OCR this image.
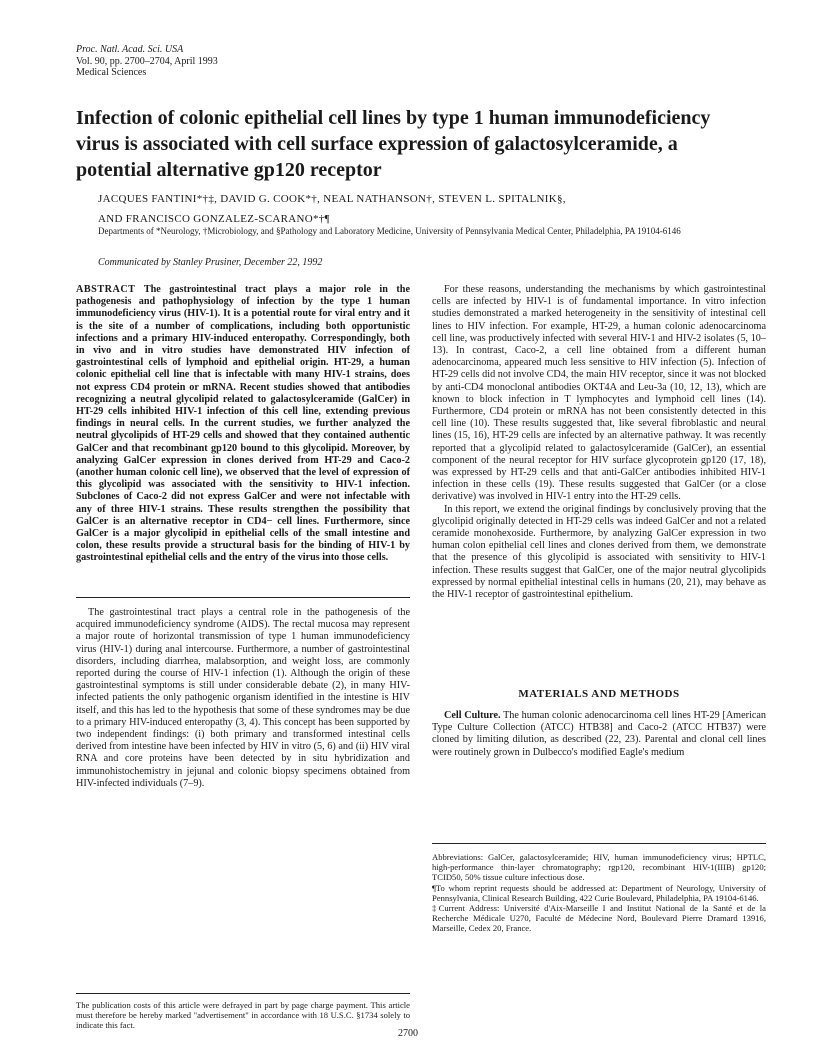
Proc. Natl. Acad. Sci. USA
Vol. 90, pp. 2700–2704, April 1993
Medical Sciences
Infection of colonic epithelial cell lines by type 1 human immunodeficiency virus is associated with cell surface expression of galactosylceramide, a potential alternative gp120 receptor
JACQUES FANTINI*†‡, DAVID G. COOK*†, NEAL NATHANSON†, STEVEN L. SPITALNIK§,
AND FRANCISCO GONZALEZ-SCARANO*†¶
Departments of *Neurology, †Microbiology, and §Pathology and Laboratory Medicine, University of Pennsylvania Medical Center, Philadelphia, PA 19104-6146
Communicated by Stanley Prusiner, December 22, 1992
ABSTRACT The gastrointestinal tract plays a major role in the pathogenesis and pathophysiology of infection by the type 1 human immunodeficiency virus (HIV-1). It is a potential route for viral entry and it is the site of a number of complications, including both opportunistic infections and a primary HIV-induced enteropathy. Correspondingly, both in vivo and in vitro studies have demonstrated HIV infection of gastrointestinal cells of lymphoid and epithelial origin. HT-29, a human colonic epithelial cell line that is infectable with many HIV-1 strains, does not express CD4 protein or mRNA. Recent studies showed that antibodies recognizing a neutral glycolipid related to galactosylceramide (GalCer) in HT-29 cells inhibited HIV-1 infection of this cell line, extending previous findings in neural cells. In the current studies, we further analyzed the neutral glycolipids of HT-29 cells and showed that they contained authentic GalCer and that recombinant gp120 bound to this glycolipid. Moreover, by analyzing GalCer expression in clones derived from HT-29 and Caco-2 (another human colonic cell line), we observed that the level of expression of this glycolipid was associated with the sensitivity to HIV-1 infection. Subclones of Caco-2 did not express GalCer and were not infectable with any of three HIV-1 strains. These results strengthen the possibility that GalCer is an alternative receptor in CD4− cell lines. Furthermore, since GalCer is a major glycolipid in epithelial cells of the small intestine and colon, these results provide a structural basis for the binding of HIV-1 by gastrointestinal epithelial cells and the entry of the virus into those cells.
The gastrointestinal tract plays a central role in the pathogenesis of the acquired immunodeficiency syndrome (AIDS). The rectal mucosa may represent a major route of horizontal transmission of type 1 human immunodeficiency virus (HIV-1) during anal intercourse. Furthermore, a number of gastrointestinal disorders, including diarrhea, malabsorption, and weight loss, are commonly reported during the course of HIV-1 infection (1). Although the origin of these gastrointestinal symptoms is still under considerable debate (2), in many HIV-infected patients the only pathogenic organism identified in the intestine is HIV itself, and this has led to the hypothesis that some of these syndromes may be due to a primary HIV-induced enteropathy (3, 4). This concept has been supported by two independent findings: (i) both primary and transformed intestinal cells derived from intestine have been infected by HIV in vitro (5, 6) and (ii) HIV viral RNA and core proteins have been detected by in situ hybridization and immunohistochemistry in jejunal and colonic biopsy specimens obtained from HIV-infected individuals (7–9).

For these reasons, understanding the mechanisms by which gastrointestinal cells are infected by HIV-1 is of fundamental importance. In vitro infection studies demonstrated a marked heterogeneity in the sensitivity of intestinal cell lines to HIV infection. For example, HT-29, a human colonic adenocarcinoma cell line, was productively infected with several HIV-1 and HIV-2 isolates (5, 10–13). In contrast, Caco-2, a cell line obtained from a different human adenocarcinoma, appeared much less sensitive to HIV infection (5). Infection of HT-29 cells did not involve CD4, the main HIV receptor, since it was not blocked by anti-CD4 monoclonal antibodies OKT4A and Leu-3a (10, 12, 13), which are known to block infection in T lymphocytes and lymphoid cell lines (14). Furthermore, CD4 protein or mRNA has not been consistently detected in this cell line (10). These results suggested that, like several fibroblastic and neural lines (15, 16), HT-29 cells are infected by an alternative pathway. It was recently reported that a glycolipid related to galactosylceramide (GalCer), an essential component of the neural receptor for HIV surface glycoprotein gp120 (17, 18), was expressed by HT-29 cells and that anti-GalCer antibodies inhibited HIV-1 infection in these cells (19). These results suggested that GalCer (or a close derivative) was involved in HIV-1 entry into the HT-29 cells.

In this report, we extend the original findings by conclusively proving that the glycolipid originally detected in HT-29 cells was indeed GalCer and not a related ceramide monohexoside. Furthermore, by analyzing GalCer expression in two human colon epithelial cell lines and clones derived from them, we demonstrate that the presence of this glycolipid is associated with sensitivity to HIV-1 infection. These results suggest that GalCer, one of the major neutral glycolipids expressed by normal epithelial intestinal cells in humans (20, 21), may behave as the HIV-1 receptor of gastrointestinal epithelium.

MATERIALS AND METHODS
Cell Culture. The human colonic adenocarcinoma cell lines HT-29 [American Type Culture Collection (ATCC) HTB38] and Caco-2 (ATCC HTB37) were cloned by limiting dilution, as described (22, 23). Parental and clonal cell lines were routinely grown in Dulbecco's modified Eagle's medium

Abbreviations: GalCer, galactosylceramide; HIV, human immunodeficiency virus; HPTLC, high-performance thin-layer chromatography; rgp120, recombinant HIV-1(IIIB) gp120; TCID50, 50% tissue culture infectious dose.

¶To whom reprint requests should be addressed at: Department of Neurology, University of Pennsylvania, Clinical Research Building, 422 Curie Boulevard, Philadelphia, PA 19104-6146.

‡Current Address: Université d'Aix-Marseille I and Institut National de la Santé et de la Recherche Médicale U270, Faculté de Médecine Nord, Boulevard Pierre Dramard 13916, Marseille, Cedex 20, France.

The publication costs of this article were defrayed in part by page charge payment. This article must therefore be hereby marked "advertisement" in accordance with 18 U.S.C. §1734 solely to indicate this fact.
2700
